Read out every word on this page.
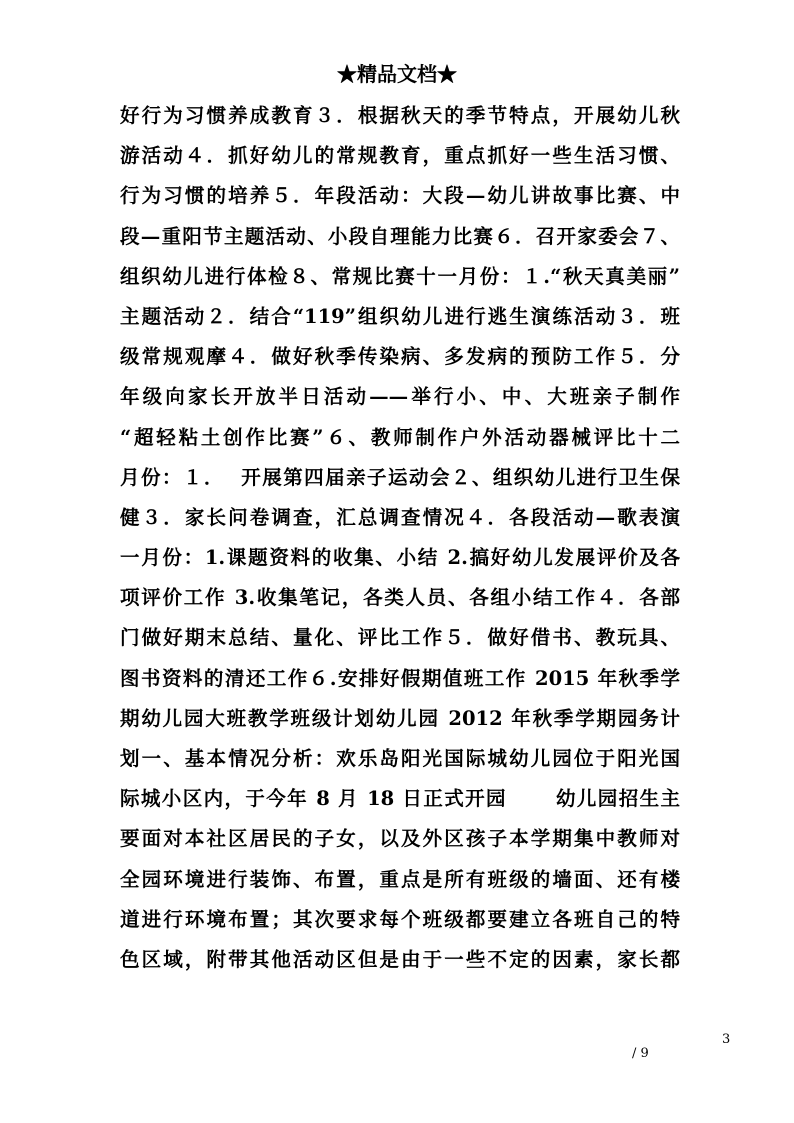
★精品文档★
好行为习惯养成教育３．根据秋天的季节特点，开展幼儿秋
游活动４．抓好幼儿的常规教育，重点抓好一些生活习惯、
行为习惯的培养５．年段活动：大段—幼儿讲故事比赛、中
段—重阳节主题活动、小段自理能力比赛６．召开家委会７、
组织幼儿进行体检８、常规比赛十一月份：１.“秋天真美丽”
主题活动２．结合“119”组织幼儿进行逃生演练活动３．班
级常规观摩４．做好秋季传染病、多发病的预防工作５．分
年级向家长开放半日活动——举行小、中、大班亲子制作
“超轻粘土创作比赛”６、教师制作户外活动器械评比十二
月份：１．  开展第四届亲子运动会２、组织幼儿进行卫生保
健３．家长问卷调查，汇总调查情况４．各段活动—歌表演
一月份：1.课题资料的收集、小结 2.搞好幼儿发展评价及各
项评价工作 3.收集笔记，各类人员、各组小结工作４．各部
门做好期末总结、量化、评比工作５．做好借书、教玩具、
图书资料的清还工作６.安排好假期值班工作 2015 年秋季学
期幼儿园大班教学班级计划幼儿园 2012 年秋季学期园务计
划一、基本情况分析：欢乐岛阳光国际城幼儿园位于阳光国
际城小区内，于今年 8 月 18 日正式开园      幼儿园招生主
要面对本社区居民的子女，以及外区孩子本学期集中教师对
全园环境进行装饰、布置，重点是所有班级的墙面、还有楼
道进行环境布置；其次要求每个班级都要建立各班自己的特
色区域，附带其他活动区但是由于一些不定的因素，家长都
3
/ 9
